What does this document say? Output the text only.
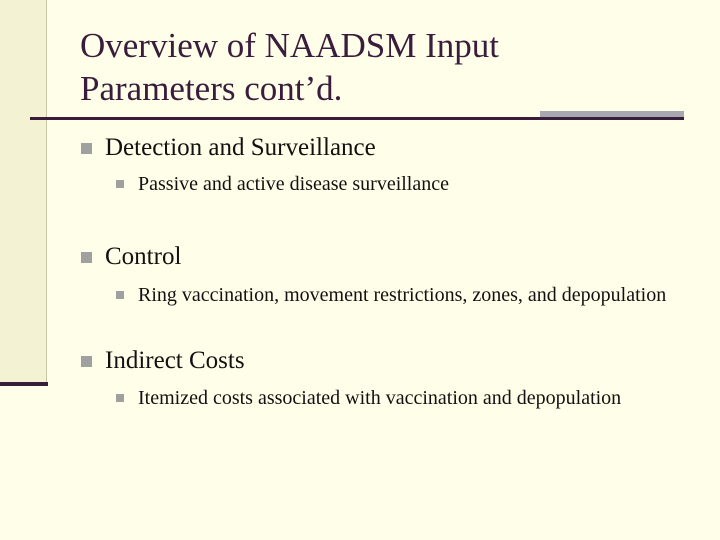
Overview of NAADSM Input
Parameters cont’d.
Detection and Surveillance
Passive and active disease surveillance
Control
Ring vaccination, movement restrictions, zones, and depopulation
Indirect Costs
Itemized costs associated with vaccination and depopulation
